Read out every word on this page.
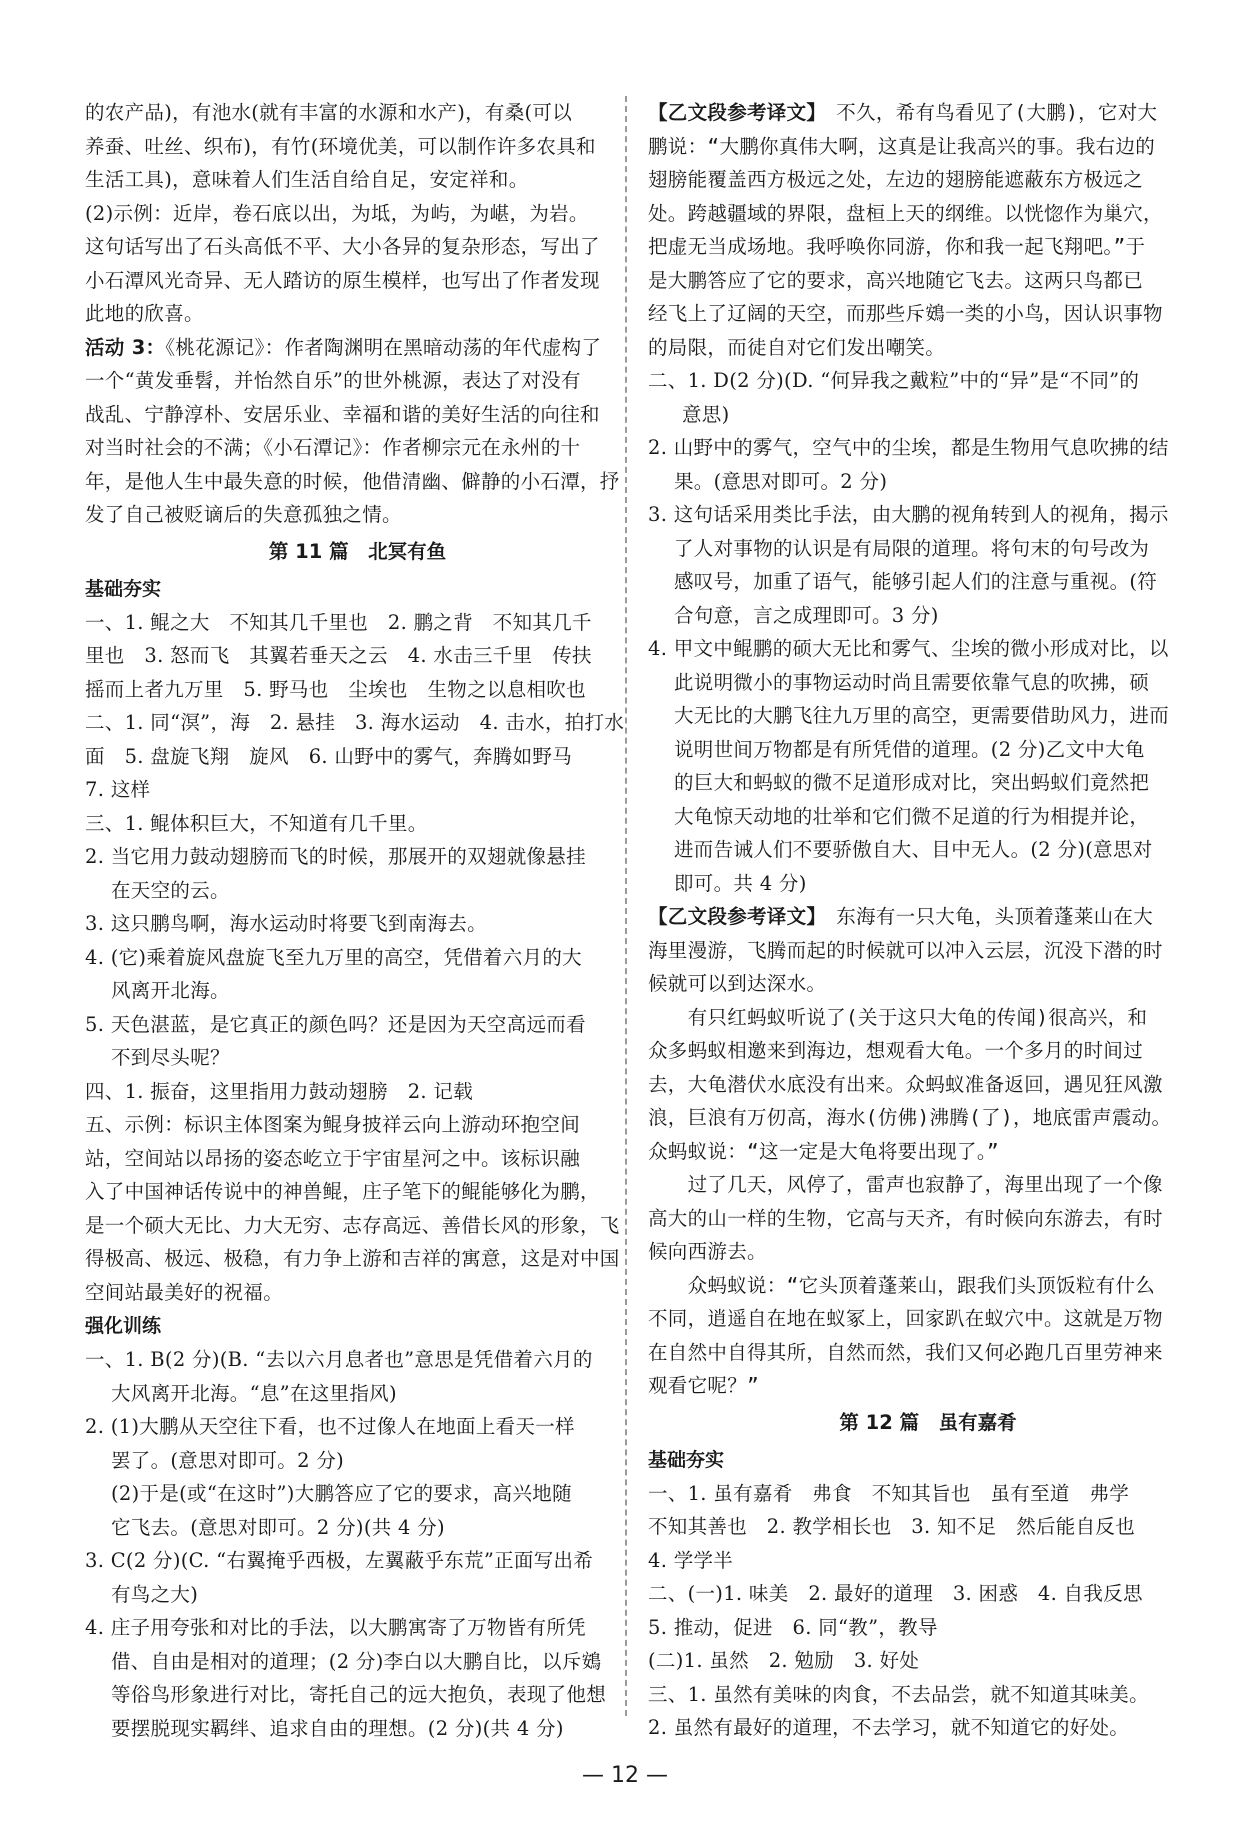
的农产品)，有池水(就有丰富的水源和水产)，有桑(可以
养蚕、吐丝、织布)，有竹(环境优美，可以制作许多农具和
生活工具)，意味着人们生活自给自足，安定祥和。
(2)示例：近岸，卷石底以出，为坻，为屿，为嵁，为岩。
这句话写出了石头高低不平、大小各异的复杂形态，写出了
小石潭风光奇异、无人踏访的原生模样，也写出了作者发现
此地的欣喜。
活动 3：《桃花源记》：作者陶渊明在黑暗动荡的年代虚构了
一个“黄发垂髫，并怡然自乐”的世外桃源，表达了对没有
战乱、宁静淳朴、安居乐业、幸福和谐的美好生活的向往和
对当时社会的不满；《小石潭记》：作者柳宗元在永州的十
年，是他人生中最失意的时候，他借清幽、僻静的小石潭，抒
发了自己被贬谪后的失意孤独之情。
第 11 篇　北冥有鱼
基础夯实
一、1. 鲲之大　不知其几千里也　2. 鹏之背　不知其几千
里也　3. 怒而飞　其翼若垂天之云　4. 水击三千里　传扶
摇而上者九万里　5. 野马也　尘埃也　生物之以息相吹也
二、1. 同“溟”，海　2. 悬挂　3. 海水运动　4. 击水，拍打水
面　5. 盘旋飞翔　旋风　6. 山野中的雾气，奔腾如野马
7. 这样
三、1. 鲲体积巨大，不知道有几千里。
2. 当它用力鼓动翅膀而飞的时候，那展开的双翅就像悬挂
在天空的云。
3. 这只鹏鸟啊，海水运动时将要飞到南海去。
4. (它)乘着旋风盘旋飞至九万里的高空，凭借着六月的大
风离开北海。
5. 天色湛蓝，是它真正的颜色吗？还是因为天空高远而看
不到尽头呢？
四、1. 振奋，这里指用力鼓动翅膀　2. 记载
五、示例：标识主体图案为鲲身披祥云向上游动环抱空间
站，空间站以昂扬的姿态屹立于宇宙星河之中。该标识融
入了中国神话传说中的神兽鲲，庄子笔下的鲲能够化为鹏，
是一个硕大无比、力大无穷、志存高远、善借长风的形象，飞
得极高、极远、极稳，有力争上游和吉祥的寓意，这是对中国
空间站最美好的祝福。
强化训练
一、1. B(2 分)(B. “去以六月息者也”意思是凭借着六月的
大风离开北海。“息”在这里指风)
2. (1)大鹏从天空往下看，也不过像人在地面上看天一样
罢了。(意思对即可。2 分)
(2)于是(或“在这时”)大鹏答应了它的要求，高兴地随
它飞去。(意思对即可。2 分)(共 4 分)
3. C(2 分)(C. “右翼掩乎西极，左翼蔽乎东荒”正面写出希
有鸟之大)
4. 庄子用夸张和对比的手法，以大鹏寓寄了万物皆有所凭
借、自由是相对的道理；(2 分)李白以大鹏自比，以斥鴳
等俗鸟形象进行对比，寄托自己的远大抱负，表现了他想
要摆脱现实羁绊、追求自由的理想。(2 分)(共 4 分)
【乙文段参考译文】　不久，希有鸟看见了(大鹏)，它对大
鹏说：“大鹏你真伟大啊，这真是让我高兴的事。我右边的
翅膀能覆盖西方极远之处，左边的翅膀能遮蔽东方极远之
处。跨越疆域的界限，盘桓上天的纲维。以恍惚作为巢穴，
把虚无当成场地。我呼唤你同游，你和我一起飞翔吧。”于
是大鹏答应了它的要求，高兴地随它飞去。这两只鸟都已
经飞上了辽阔的天空，而那些斥鴳一类的小鸟，因认识事物
的局限，而徒自对它们发出嘲笑。
二、1. D(2 分)(D. “何异我之戴粒”中的“异”是“不同”的
意思)
2. 山野中的雾气，空气中的尘埃，都是生物用气息吹拂的结
果。(意思对即可。2 分)
3. 这句话采用类比手法，由大鹏的视角转到人的视角，揭示
了人对事物的认识是有局限的道理。将句末的句号改为
感叹号，加重了语气，能够引起人们的注意与重视。(符
合句意，言之成理即可。3 分)
4. 甲文中鲲鹏的硕大无比和雾气、尘埃的微小形成对比，以
此说明微小的事物运动时尚且需要依靠气息的吹拂，硕
大无比的大鹏飞往九万里的高空，更需要借助风力，进而
说明世间万物都是有所凭借的道理。(2 分)乙文中大龟
的巨大和蚂蚁的微不足道形成对比，突出蚂蚁们竟然把
大龟惊天动地的壮举和它们微不足道的行为相提并论，
进而告诫人们不要骄傲自大、目中无人。(2 分)(意思对
即可。共 4 分)
【乙文段参考译文】　东海有一只大龟，头顶着蓬莱山在大
海里漫游，飞腾而起的时候就可以冲入云层，沉没下潜的时
候就可以到达深水。
　　有只红蚂蚁听说了(关于这只大龟的传闻)很高兴，和
众多蚂蚁相邀来到海边，想观看大龟。一个多月的时间过
去，大龟潜伏水底没有出来。众蚂蚁准备返回，遇见狂风激
浪，巨浪有万仞高，海水(仿佛)沸腾(了)，地底雷声震动。
众蚂蚁说：“这一定是大龟将要出现了。”
　　过了几天，风停了，雷声也寂静了，海里出现了一个像
高大的山一样的生物，它高与天齐，有时候向东游去，有时
候向西游去。
　　众蚂蚁说：“它头顶着蓬莱山，跟我们头顶饭粒有什么
不同，逍遥自在地在蚁冢上，回家趴在蚁穴中。这就是万物
在自然中自得其所，自然而然，我们又何必跑几百里劳神来
观看它呢？”
第 12 篇　虽有嘉肴
基础夯实
一、1. 虽有嘉肴　弗食　不知其旨也　虽有至道　弗学
不知其善也　2. 教学相长也　3. 知不足　然后能自反也
4. 学学半
二、(一)1. 味美　2. 最好的道理　3. 困惑　4. 自我反思
5. 推动，促进　6. 同“教”，教导
(二)1. 虽然　2. 勉励　3. 好处
三、1. 虽然有美味的肉食，不去品尝，就不知道其味美。
2. 虽然有最好的道理，不去学习，就不知道它的好处。
— 12 —
